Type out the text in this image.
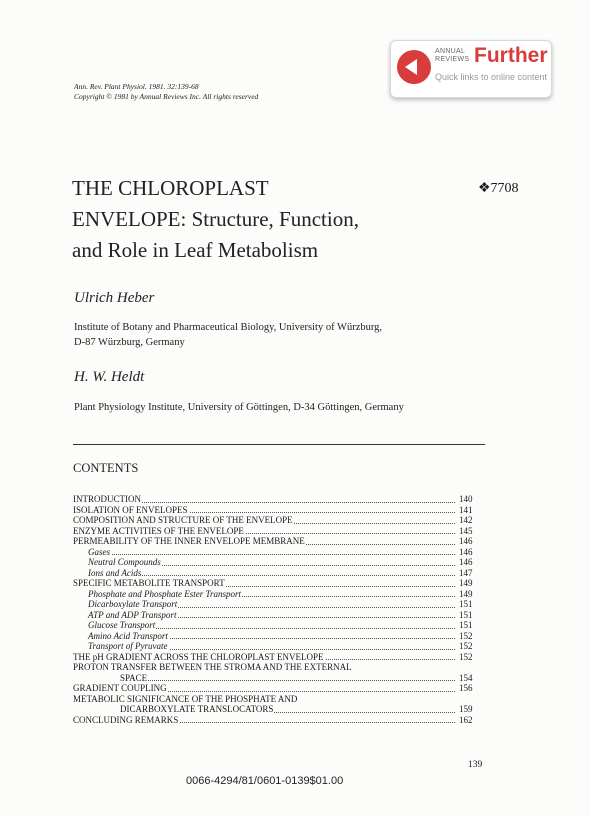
ANNUAL
REVIEWS Further
Quick links to online content
Ann. Rev. Plant Physiol. 1981. 32:139-68
Copyright © 1981 by Annual Reviews Inc. All rights reserved
THE CHLOROPLAST
ENVELOPE: Structure, Function,
and Role in Leaf Metabolism
❖7708
Ulrich Heber
Institute of Botany and Pharmaceutical Biology, University of Würzburg,
D-87 Würzburg, Germany
H. W. Heldt
Plant Physiology Institute, University of Göttingen, D-34 Göttingen, Germany
CONTENTS
INTRODUCTION	140
ISOLATION OF ENVELOPES	141
COMPOSITION AND STRUCTURE OF THE ENVELOPE	142
ENZYME ACTIVITIES OF THE ENVELOPE	145
PERMEABILITY OF THE INNER ENVELOPE MEMBRANE	146
Gases	146
Neutral Compounds	146
Ions and Acids	147
SPECIFIC METABOLITE TRANSPORT	149
Phosphate and Phosphate Ester Transport	149
Dicarboxylate Transport	151
ATP and ADP Transport	151
Glucose Transport	151
Amino Acid Transport	152
Transport of Pyruvate	152
THE pH GRADIENT ACROSS THE CHLOROPLAST ENVELOPE	152
PROTON TRANSFER BETWEEN THE STROMA AND THE EXTERNAL
SPACE	154
GRADIENT COUPLING	156
METABOLIC SIGNIFICANCE OF THE PHOSPHATE AND
DICARBOXYLATE TRANSLOCATORS	159
CONCLUDING REMARKS	162
139
0066-4294/81/0601-0139$01.00
